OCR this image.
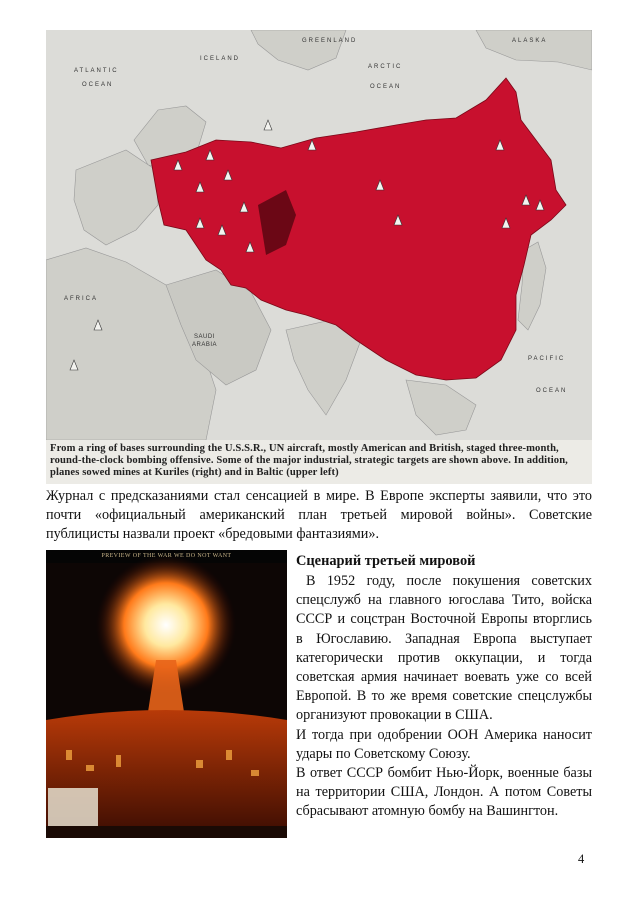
ATLANTIC
OCEAN
GREENLAND
ICELAND
ARCTIC
OCEAN
ALASKA
AFRICA
SAUDI
ARABIA
PACIFIC
OCEAN

From a ring of bases surrounding the U.S.S.R., UN aircraft, mostly American and British, staged three-month, round-the-clock bombing offensive. Some of the major industrial, strategic targets are shown above. In addition, planes sowed mines at Kuriles (right) and in Baltic (upper left)

Журнал с предсказаниями стал сенсацией в мире. В Европе эксперты заявили, что это почти «официальный американский план третьей мировой войны». Советские публицисты назвали проект «бредовыми фантазиями».

PREVIEW OF THE WAR WE DO NOT WANT	Сценарий третьей мировой

В 1952 году, после покушения советских спецслужб на главного югослава Тито, войска СССР и соцстран Восточной Европы вторглись в Югославию. Западная Европа выступает категорически против оккупации, и тогда советская армия начинает воевать уже со всей Европой. В то же время советские спецслужбы организуют провокации в США.

И тогда при одобрении ООН Америка наносит удары по Советскому Союзу.

В ответ СССР бомбит Нью-Йорк, военные базы на территории США, Лондон. А потом Советы сбрасывают атомную бомбу на Вашингтон.

4
